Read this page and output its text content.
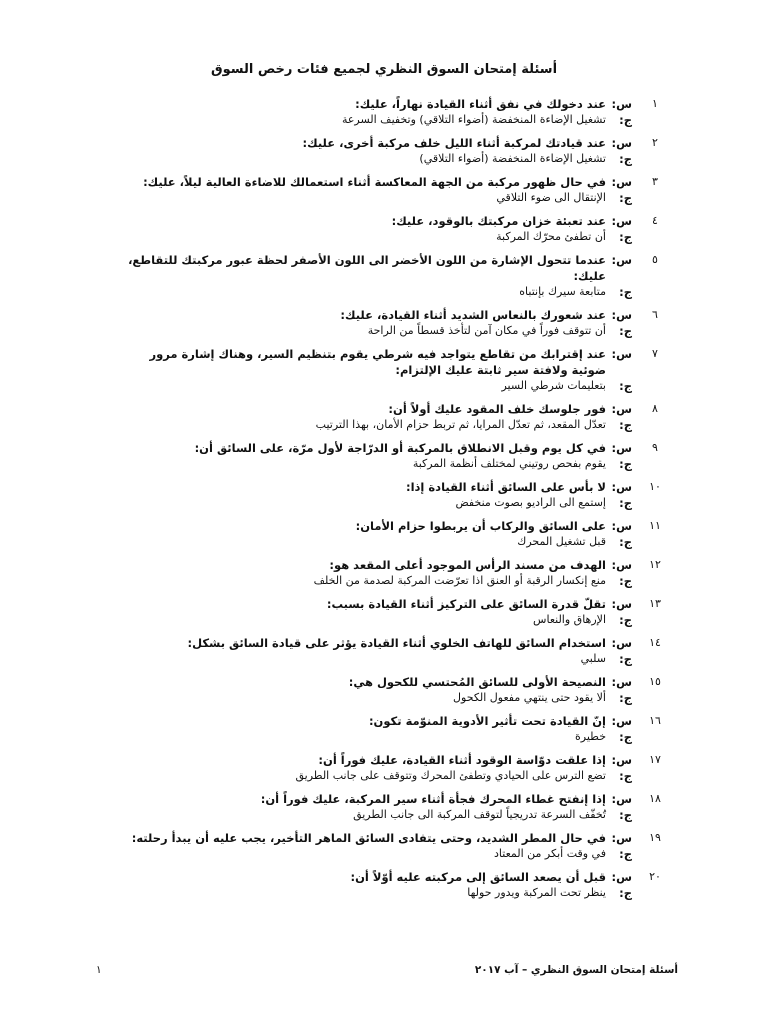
أسئلة إمتحان السوق النظري لجميع فئات رخص السوق
١
س:
عند دخولك في نفق أثناء القيادة نهاراً، عليك:
ج:
تشغيل الإضاءة المنخفضة (أضواء التلاقي) وتخفيف السرعة
٢
س:
عند قيادتك لمركبة أثناء الليل خلف مركبة أخرى، عليك:
ج:
تشغيل الإضاءة المنخفضة (أضواء التلاقي)
٣
س:
في حال ظهور مركبة من الجهة المعاكسة أثناء استعمالك للاضاءة العالية ليلاً، عليك:
ج:
الإنتقال الى ضوء التلاقي
٤
س:
عند تعبئة خزان مركبتك بالوقود، عليك:
ج:
أن تطفئ محرّك المركبة
٥
س:
عندما تتحول الإشارة من اللون الأخضر الى اللون الأصفر لحظة عبور مركبتك للتقاطع، عليك:
ج:
متابعة سيرك بإنتباه
٦
س:
عند شعورك بالنعاس الشديد أثناء القيادة، عليك:
ج:
أن تتوقف فوراً في مكان آمن لتأخذ قسطاً من الراحة
٧
س:
عند إقترابك من تقاطع يتواجد فيه شرطي يقوم بتنظيم السير، وهناك إشارة مرور ضوئية ولافتة سير ثابتة عليك الإلتزام:
ج:
بتعليمات شرطي السير
٨
س:
فور جلوسك خلف المقود عليك أولاً أن:
ج:
تعدّل المقعد، ثم تعدّل المرايا، ثم تربط حزام الأمان، بهذا الترتيب
٩
س:
في كل يوم وقبل الانطلاق بالمركبة أو الدرّاجة لأول مرّة، على السائق أن:
ج:
يقوم بفحص روتيني لمختلف أنظمة المركبة
١٠
س:
لا بأس على السائق أثناء القيادة إذا:
ج:
إستمع الى الراديو بصوت منخفض
١١
س:
على السائق والركاب أن يربطوا حزام الأمان:
ج:
قبل تشغيل المحرك
١٢
س:
الهدف من مسند الرأس الموجود أعلى المقعد هو:
ج:
منع إنكسار الرقبة أو العنق اذا تعرّضت المركبة لصدمة من الخلف
١٣
س:
تقلّ قدرة السائق على التركيز أثناء القيادة بسبب:
ج:
الإرهاق والنعاس
١٤
س:
استخدام السائق للهاتف الخلوي أثناء القيادة يؤثر على قيادة السائق بشكل:
ج:
سلبي
١٥
س:
النصيحة الأولى للسائق المُحتسي للكحول هي:
ج:
ألا يقود حتى ينتهي مفعول الكحول
١٦
س:
إنّ القيادة تحت تأثير الأدوية المنوّمة تكون:
ج:
خطيرة
١٧
س:
إذا علقت دوّاسة الوقود أثناء القيادة، عليك فوراً أن:
ج:
تضع الترس على الحيادي وتطفئ المحرك وتتوقف على جانب الطريق
١٨
س:
إذا إنفتح غطاء المحرك فجأة أثناء سير المركبة، عليك فوراً أن:
ج:
تُخفّف السرعة تدريجياً لتوقف المركبة الى جانب الطريق
١٩
س:
في حال المطر الشديد، وحتى يتفادى السائق الماهر التأخير، يجب عليه أن يبدأ رحلته:
ج:
في وقت أبكر من المعتاد
٢٠
س:
قبل أن يصعد السائق إلى مركبته عليه أوّلاً أن:
ج:
ينظر تحت المركبة ويدور حولها
أسئلة إمتحان السوق النظري – آب ٢٠١٧
١
